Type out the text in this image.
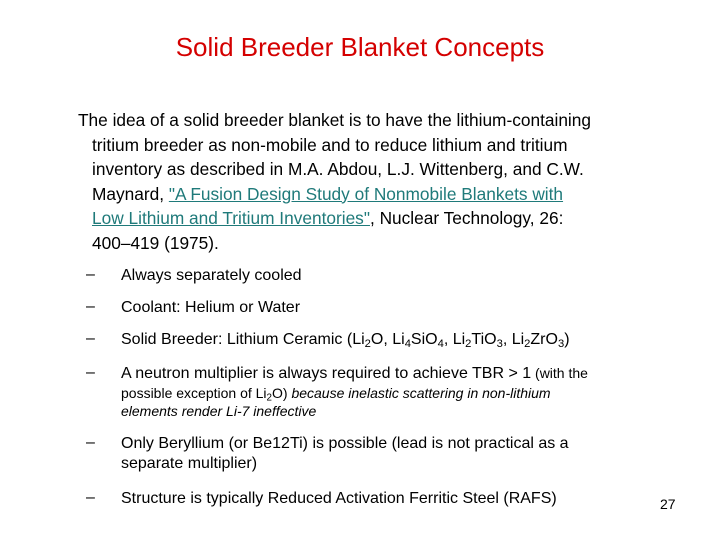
Solid Breeder Blanket Concepts
The idea of a solid breeder blanket is to have the lithium-containing
tritium breeder as non-mobile and to reduce lithium and tritium
inventory as described in M.A. Abdou, L.J. Wittenberg, and C.W.
Maynard, "A Fusion Design Study of Nonmobile Blankets with
Low Lithium and Tritium Inventories", Nuclear Technology, 26:
400–419 (1975).
– Always separately cooled
– Coolant: Helium or Water
– Solid Breeder: Lithium Ceramic ($Li_2O$, $Li_4SiO_4$, $Li_2TiO_3$, $Li_2ZrO_3$)
– A neutron multiplier is always required to achieve TBR > 1 (with the
possible exception of $Li_2O$) because inelastic scattering in non-lithium
elements render Li-7 ineffective
– Only Beryllium (or Be12Ti) is possible (lead is not practical as a
separate multiplier)
– Structure is typically Reduced Activation Ferritic Steel (RAFS)	27
